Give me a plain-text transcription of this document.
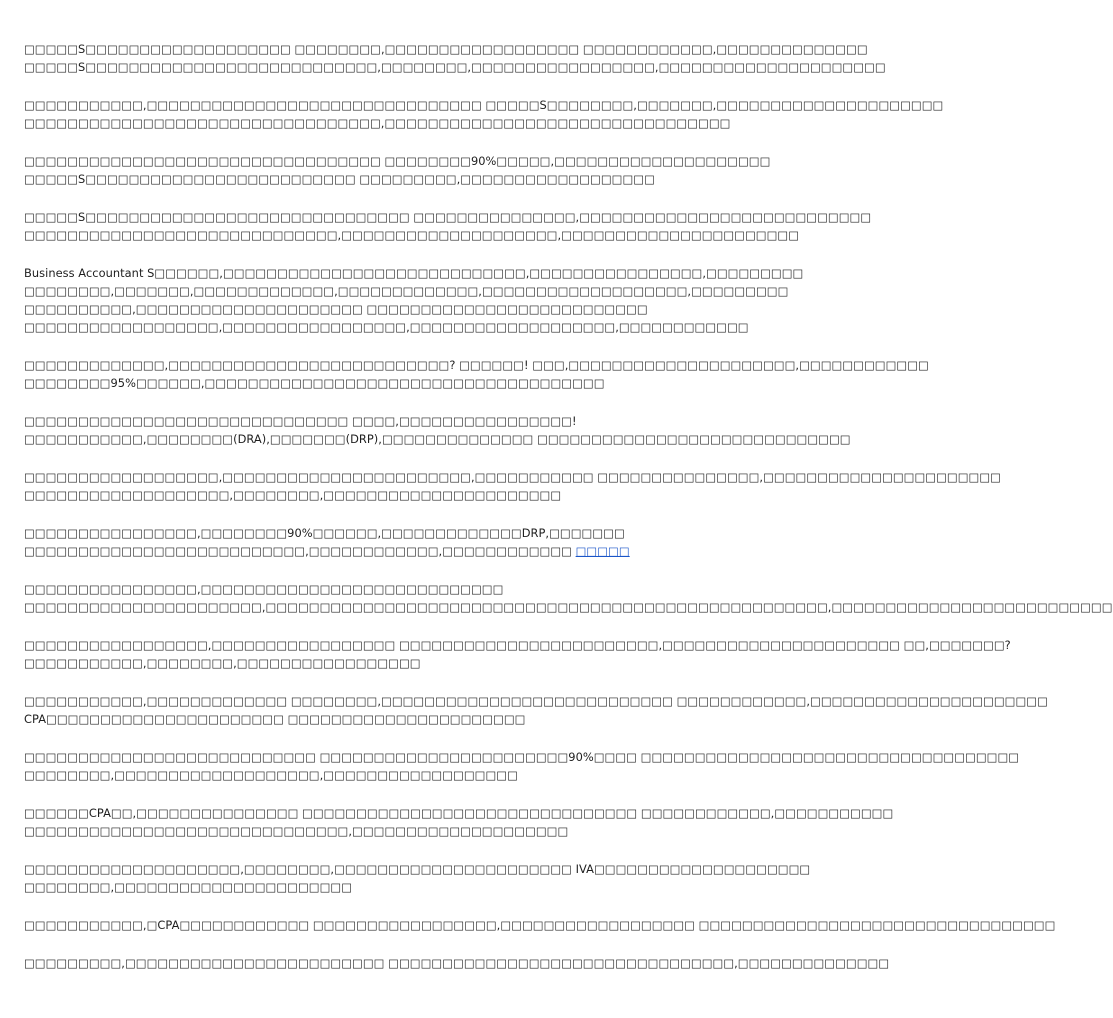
□□□□□S□□□□□□□□□□□□□□□□□□□ □□□□□□□□,□□□□□□□□□□□□□□□□□□ □□□□□□□□□□□□,□□□□□□□□□□□□□□
□□□□□S□□□□□□□□□□□□□□□□□□□□□□□□□□□,□□□□□□□□,□□□□□□□□□□□□□□□□□,□□□□□□□□□□□□□□□□□□□□□

□□□□□□□□□□□,□□□□□□□□□□□□□□□□□□□□□□□□□□□□□□□ □□□□□S□□□□□□□□,□□□□□□□,□□□□□□□□□□□□□□□□□□□□□
□□□□□□□□□□□□□□□□□□□□□□□□□□□□□□□□□,□□□□□□□□□□□□□□□□□□□□□□□□□□□□□□□□

□□□□□□□□□□□□□□□□□□□□□□□□□□□□□□□□□ □□□□□□□□90%□□□□□,□□□□□□□□□□□□□□□□□□□□
□□□□□S□□□□□□□□□□□□□□□□□□□□□□□□□ □□□□□□□□□,□□□□□□□□□□□□□□□□□□

□□□□□S□□□□□□□□□□□□□□□□□□□□□□□□□□□□□□ □□□□□□□□□□□□□□□,□□□□□□□□□□□□□□□□□□□□□□□□□□□
□□□□□□□□□□□□□□□□□□□□□□□□□□□□□,□□□□□□□□□□□□□□□□□□□□,□□□□□□□□□□□□□□□□□□□□□□

Business Accountant S□□□□□□,□□□□□□□□□□□□□□□□□□□□□□□□□□□□,□□□□□□□□□□□□□□□□,□□□□□□□□□
□□□□□□□□,□□□□□□□,□□□□□□□□□□□□□,□□□□□□□□□□□□□,□□□□□□□□□□□□□□□□□□□,□□□□□□□□□
□□□□□□□□□□,□□□□□□□□□□□□□□□□□□□□□ □□□□□□□□□□□□□□□□□□□□□□□□□□
□□□□□□□□□□□□□□□□□□,□□□□□□□□□□□□□□□□□,□□□□□□□□□□□□□□□□□□□,□□□□□□□□□□□□

□□□□□□□□□□□□□,□□□□□□□□□□□□□□□□□□□□□□□□□□? □□□□□□! □□□,□□□□□□□□□□□□□□□□□□□□□,□□□□□□□□□□□□
□□□□□□□□95%□□□□□□,□□□□□□□□□□□□□□□□□□□□□□□□□□□□□□□□□□□□□

□□□□□□□□□□□□□□□□□□□□□□□□□□□□□□ □□□□,□□□□□□□□□□□□□□□□!
□□□□□□□□□□□,□□□□□□□□(DRA),□□□□□□□(DRP),□□□□□□□□□□□□□□ □□□□□□□□□□□□□□□□□□□□□□□□□□□□□

□□□□□□□□□□□□□□□□□□,□□□□□□□□□□□□□□□□□□□□□□□,□□□□□□□□□□□ □□□□□□□□□□□□□□□,□□□□□□□□□□□□□□□□□□□□□□
□□□□□□□□□□□□□□□□□□□,□□□□□□□□,□□□□□□□□□□□□□□□□□□□□□□

□□□□□□□□□□□□□□□□,□□□□□□□□90%□□□□□□,□□□□□□□□□□□□□DRP,□□□□□□□
□□□□□□□□□□□□□□□□□□□□□□□□□□,□□□□□□□□□□□□,□□□□□□□□□□□□ □□□□□

□□□□□□□□□□□□□□□□,□□□□□□□□□□□□□□□□□□□□□□□□□□□□
□□□□□□□□□□□□□□□□□□□□□□,□□□□□□□□□□□□□□□□□□□□□□□□□□□□□□□□□□□□□□□□□□□□□□□□□□□□,□□□□□□□□□□□□□□□□□□□□□□□□□□

□□□□□□□□□□□□□□□□□,□□□□□□□□□□□□□□□□□ □□□□□□□□□□□□□□□□□□□□□□□□,□□□□□□□□□□□□□□□□□□□□□□ □□,□□□□□□□?
□□□□□□□□□□□,□□□□□□□□,□□□□□□□□□□□□□□□□□

□□□□□□□□□□□,□□□□□□□□□□□□□ □□□□□□□□,□□□□□□□□□□□□□□□□□□□□□□□□□□□ □□□□□□□□□□□□,□□□□□□□□□□□□□□□□□□□□□□
CPA□□□□□□□□□□□□□□□□□□□□□□ □□□□□□□□□□□□□□□□□□□□□□

□□□□□□□□□□□□□□□□□□□□□□□□□□□ □□□□□□□□□□□□□□□□□□□□□□□90%□□□□ □□□□□□□□□□□□□□□□□□□□□□□□□□□□□□□□□□□
□□□□□□□□,□□□□□□□□□□□□□□□□□□□,□□□□□□□□□□□□□□□□□□

□□□□□□CPA□□,□□□□□□□□□□□□□□□ □□□□□□□□□□□□□□□□□□□□□□□□□□□□□□□ □□□□□□□□□□□□,□□□□□□□□□□□
□□□□□□□□□□□□□□□□□□□□□□□□□□□□□□,□□□□□□□□□□□□□□□□□□□□

□□□□□□□□□□□□□□□□□□□□,□□□□□□□□,□□□□□□□□□□□□□□□□□□□□□□ IVA□□□□□□□□□□□□□□□□□□□□
□□□□□□□□,□□□□□□□□□□□□□□□□□□□□□□

□□□□□□□□□□□,□CPA□□□□□□□□□□□□ □□□□□□□□□□□□□□□□□,□□□□□□□□□□□□□□□□□□ □□□□□□□□□□□□□□□□□□□□□□□□□□□□□□□□□

□□□□□□□□□,□□□□□□□□□□□□□□□□□□□□□□□□ □□□□□□□□□□□□□□□□□□□□□□□□□□□□□□□□,□□□□□□□□□□□□□□
